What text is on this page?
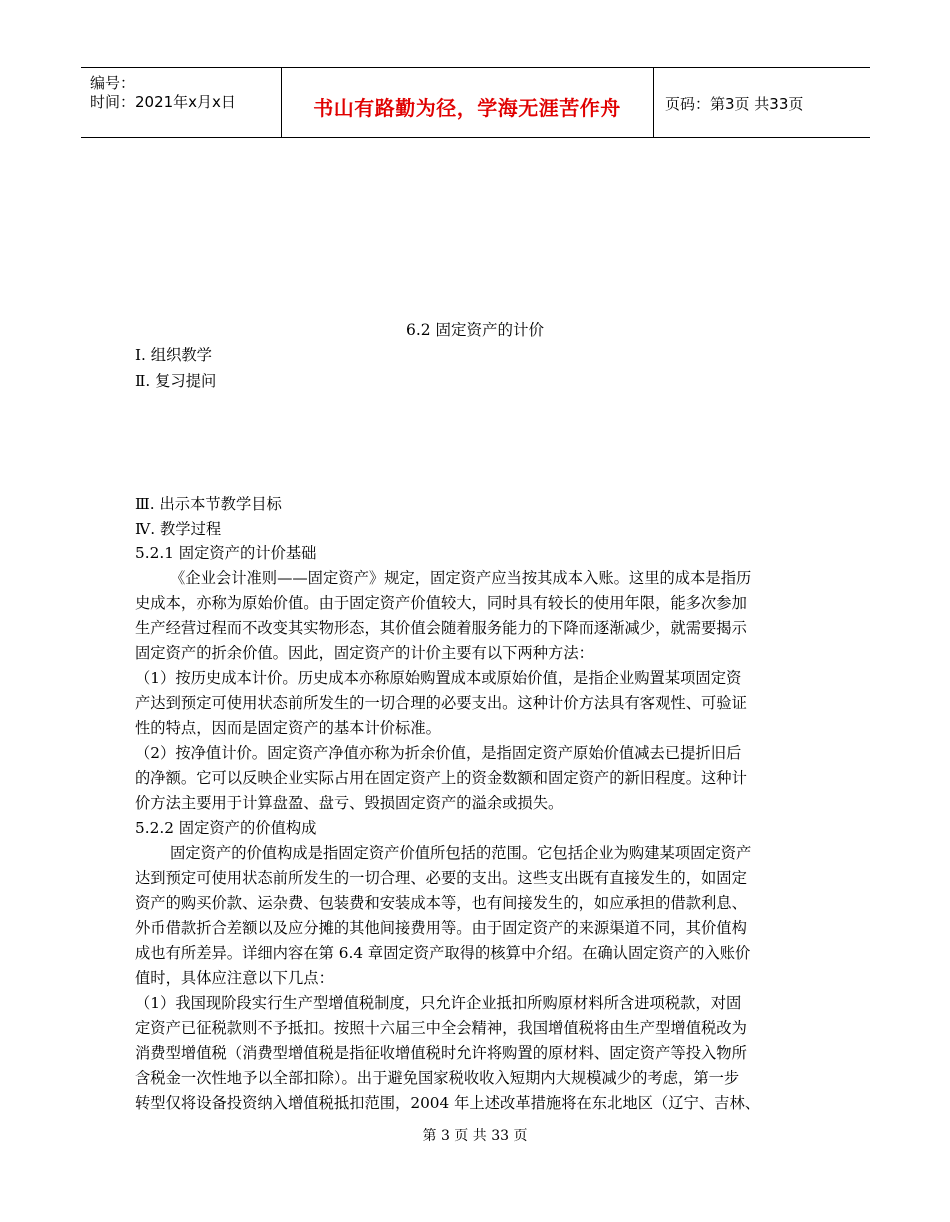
编号：
时间：2021年x月x日	书山有路勤为径，学海无涯苦作舟	页码：第3页 共33页
6.2 固定资产的计价
Ⅰ. 组织教学
Ⅱ. 复习提问
Ⅲ. 出示本节教学目标
Ⅳ. 教学过程
5.2.1 固定资产的计价基础
《企业会计准则——固定资产》规定，固定资产应当按其成本入账。这里的成本是指历
史成本，亦称为原始价值。由于固定资产价值较大，同时具有较长的使用年限，能多次参加
生产经营过程而不改变其实物形态，其价值会随着服务能力的下降而逐渐减少，就需要揭示
固定资产的折余价值。因此，固定资产的计价主要有以下两种方法：
（1）按历史成本计价。历史成本亦称原始购置成本或原始价值，是指企业购置某项固定资
产达到预定可使用状态前所发生的一切合理的必要支出。这种计价方法具有客观性、可验证
性的特点，因而是固定资产的基本计价标准。
（2）按净值计价。固定资产净值亦称为折余价值，是指固定资产原始价值减去已提折旧后
的净额。它可以反映企业实际占用在固定资产上的资金数额和固定资产的新旧程度。这种计
价方法主要用于计算盘盈、盘亏、毁损固定资产的溢余或损失。
5.2.2 固定资产的价值构成
固定资产的价值构成是指固定资产价值所包括的范围。它包括企业为购建某项固定资产
达到预定可使用状态前所发生的一切合理、必要的支出。这些支出既有直接发生的，如固定
资产的购买价款、运杂费、包装费和安装成本等，也有间接发生的，如应承担的借款利息、
外币借款折合差额以及应分摊的其他间接费用等。由于固定资产的来源渠道不同，其价值构
成也有所差异。详细内容在第 6.4 章固定资产取得的核算中介绍。在确认固定资产的入账价
值时，具体应注意以下几点：
（1）我国现阶段实行生产型增值税制度，只允许企业抵扣所购原材料所含进项税款，对固
定资产已征税款则不予抵扣。按照十六届三中全会精神，我国增值税将由生产型增值税改为
消费型增值税（消费型增值税是指征收增值税时允许将购置的原材料、固定资产等投入物所
含税金一次性地予以全部扣除）。出于避免国家税收收入短期内大规模减少的考虑，第一步
转型仅将设备投资纳入增值税抵扣范围，2004 年上述改革措施将在东北地区（辽宁、吉林、
第 3 页 共 33 页
